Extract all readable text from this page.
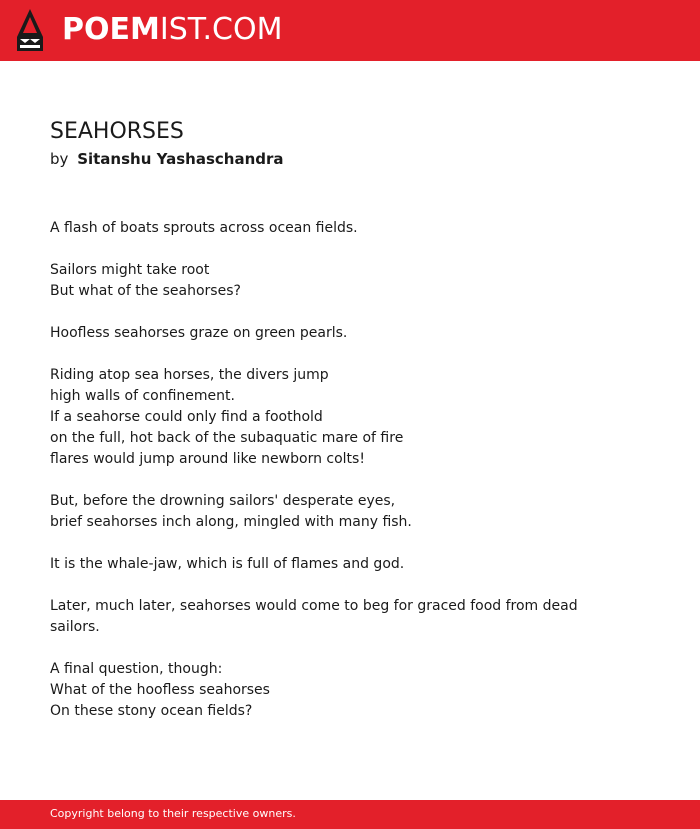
POEMIST.COM
SEAHORSES
by Sitanshu Yashaschandra

A flash of boats sprouts across ocean fields.

Sailors might take root
But what of the seahorses?

Hoofless seahorses graze on green pearls.

Riding atop sea horses, the divers jump
high walls of confinement.
If a seahorse could only find a foothold
on the full, hot back of the subaquatic mare of fire
flares would jump around like newborn colts!

But, before the drowning sailors' desperate eyes,
brief seahorses inch along, mingled with many fish.

It is the whale-jaw, which is full of flames and god.

Later, much later, seahorses would come to beg for graced food from dead sailors.

A final question, though:
What of the hoofless seahorses
On these stony ocean fields?

Copyright belong to their respective owners.
